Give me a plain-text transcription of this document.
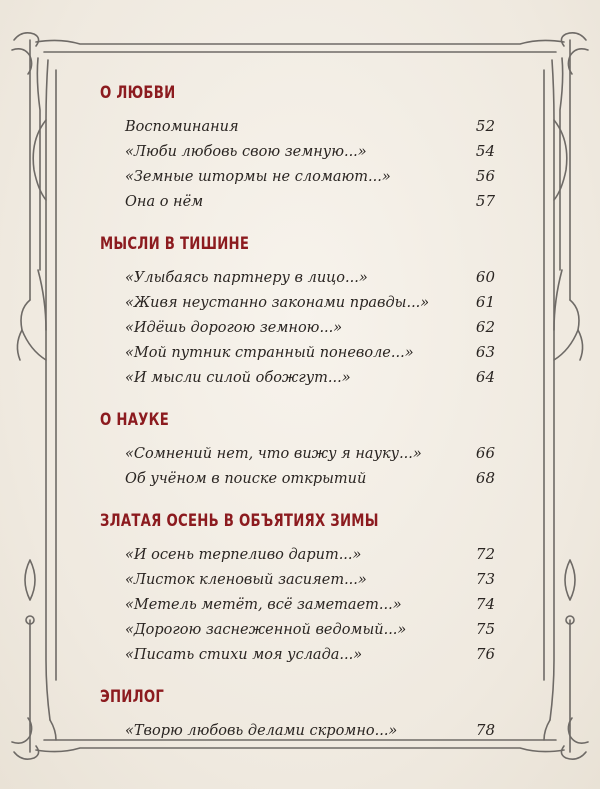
О ЛЮБВИ
Воспоминания	52
«Люби любовь свою земную...»	54
«Земные штормы не сломают...»	56
Она о нём	57
МЫСЛИ В ТИШИНЕ
«Улыбаясь партнеру в лицо...»	60
«Живя неустанно законами правды...»	61
«Идёшь дорогою земною...»	62
«Мой путник странный поневоле...»	63
«И мысли силой обожгут...»	64
О НАУКЕ
«Сомнений нет, что вижу я науку...»	66
Об учёном в поиске открытий	68
ЗЛАТАЯ ОСЕНЬ В ОБЪЯТИЯХ ЗИМЫ
«И осень терпеливо дарит...»	72
«Листок кленовый засияет...»	73
«Метель метёт, всё заметает...»	74
«Дорогою заснеженной ведомый...»	75
«Писать стихи моя услада...»	76
ЭПИЛОГ
«Творю любовь делами скромно...»	78
